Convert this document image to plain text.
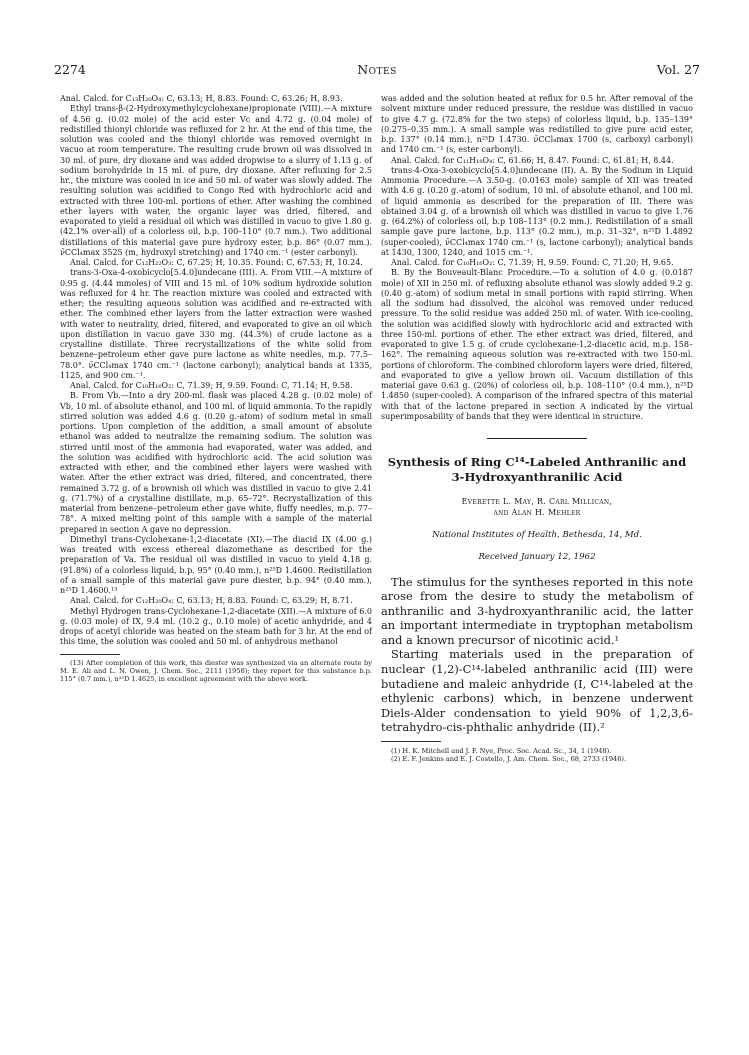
2274	Notes	Vol. 27

Anal. Calcd. for C₁₃H₂₀O₄: C, 63.13; H, 8.83. Found: C, 63.26; H, 8.93.

Ethyl trans-β-(2-Hydroxymethylcyclohexane)propionate (VIII).—A mixture of 4.56 g. (0.02 mole) of the acid ester Vc and 4.72 g. (0.04 mole) of redistilled thionyl chloride was refluxed for 2 hr. At the end of this time, the solution was cooled and the thionyl chloride was removed overnight in vacuo at room temperature. The resulting crude brown oil was dissolved in 30 ml. of pure, dry dioxane and was added dropwise to a slurry of 1.13 g. of sodium borohydride in 15 ml. of pure, dry dioxane. After refluxing for 2.5 hr., the mixture was cooled in ice and 50 ml. of water was slowly added. The resulting solution was acidified to Congo Red with hydrochloric acid and extracted with three 100-ml. portions of ether. After washing the combined ether layers with water, the organic layer was dried, filtered, and evaporated to yield a residual oil which was distilled in vacuo to give 1.80 g. (42.1% over-all) of a colorless oil, b.p. 100–110° (0.7 mm.). Two additional distillations of this material gave pure hydroxy ester, b.p. 86° (0.07 mm.). ν̄CCl₄max 3525 (m, hydroxyl stretching) and 1740 cm.⁻¹ (ester carbonyl).

Anal. Calcd. for C₁₂H₂₂O₃: C, 67.25; H, 10.35. Found: C, 67.53; H, 10.24.

trans-3-Oxa-4-oxobicyclo[5.4.0]undecane (III). A. From VIII.—A mixture of 0.95 g. (4.44 mmoles) of VIII and 15 ml. of 10% sodium hydroxide solution was refluxed for 4 hr. The reaction mixture was cooled and extracted with ether; the resulting aqueous solution was acidified and re-extracted with ether. The combined ether layers from the latter extraction were washed with water to neutrality, dried, filtered, and evaporated to give an oil which upon distillation in vacuo gave 330 mg. (44.3%) of crude lactone as a crystalline distillate. Three recrystallizations of the white solid from benzene–petroleum ether gave pure lactone as white needles, m.p. 77.5–78.0°. ν̄CCl₄max 1740 cm.⁻¹ (lactone carbonyl); analytical bands at 1335, 1125, and 900 cm.⁻¹.

Anal. Calcd. for C₁₀H₁₆O₂: C, 71.39; H, 9.59. Found: C, 71.14; H, 9.58.

B. From Vb.—Into a dry 200-ml. flask was placed 4.28 g. (0.02 mole) of Vb, 10 ml. of absolute ethanol, and 100 ml. of liquid ammonia. To the rapidly stirred solution was added 4.6 g. (0.20 g.-atom) of sodium metal in small portions. Upon completion of the addition, a small amount of absolute ethanol was added to neutralize the remaining sodium. The solution was stirred until most of the ammonia had evaporated, water was added, and the solution was acidified with hydrochloric acid. The acid solution was extracted with ether, and the combined ether layers were washed with water. After the ether extract was dried, filtered, and concentrated, there remained 3.72 g. of a brownish oil which was distilled in vacuo to give 2.41 g. (71.7%) of a crystalline distillate, m.p. 65–72°. Recrystallization of this material from benzene–petroleum ether gave white, fluffy needles, m.p. 77–78°. A mixed melting point of this sample with a sample of the material prepared in section A gave no depression.

Dimethyl trans-Cyclohexane-1,2-diacetate (XI).—The diacid IX (4.00 g.) was treated with excess ethereal diazomethane as described for the preparation of Va. The residual oil was distilled in vacuo to yield 4.18 g. (91.8%) of a colorless liquid, b.p. 95° (0.40 mm.), n²⁵D 1.4600. Redistillation of a small sample of this material gave pure diester, b.p. 94° (0.40 mm.), n²⁵D 1.4600.¹³

Anal. Calcd. for C₁₂H₂₀O₄: C, 63.13; H, 8.83. Found: C, 63.29; H, 8.71.

Methyl Hydrogen trans-Cyclohexane-1,2-diacetate (XII).—A mixture of 6.0 g. (0.03 mole) of IX, 9.4 ml. (10.2 g., 0.10 mole) of acetic anhydride, and 4 drops of acetyl chloride was heated on the steam bath for 3 hr. At the end of this time, the solution was cooled and 50 ml. of anhydrous methanol

(13) After completion of this work, this diester was synthesized via an alternate route by M. E. Ali and L. N. Owen, J. Chem. Soc., 2111 (1958); they report for this substance b.p. 115° (0.7 mm.), n²⁵D 1.4625, in excellent agreement with the above work.

was added and the solution heated at reflux for 0.5 hr. After removal of the solvent mixture under reduced pressure, the residue was distilled in vacuo to give 4.7 g. (72.8% for the two steps) of colorless liquid, b.p. 135–139° (0.275–0.35 mm.). A small sample was redistilled to give pure acid ester, b.p. 137° (0.14 mm.), n²⁵D 1.4730. ν̄CCl₄max 1700 (s, carboxyl carbonyl) and 1740 cm.⁻¹ (s, ester carbonyl).

Anal. Calcd. for C₁₁H₁₈O₄: C, 61.66; H, 8.47. Found: C, 61.81; H, 8.44.

trans-4-Oxa-3-oxobicyclo[5.4.0]undecane (II). A. By the Sodium in Liquid Ammonia Procedure.—A 3.50-g. (0.0163 mole) sample of XII was treated with 4.6 g. (0.20 g.-atom) of sodium, 10 ml. of absolute ethanol, and 100 ml. of liquid ammonia as described for the preparation of III. There was obtained 3.04 g. of a brownish oil which was distilled in vacuo to give 1.76 g. (64.2%) of colorless oil, b.p 108–113° (0.2 mm.). Redistillation of a small sample gave pure lactone, b.p. 113° (0.2 mm.), m.p. 31–32°, n²⁵D 1.4892 (super-cooled), ν̄CCl₄max 1740 cm.⁻¹ (s, lactone carbonyl); analytical bands at 1430, 1300, 1240, and 1015 cm.⁻¹.

Anal. Calcd. for C₁₀H₁₆O₂: C, 71.39; H, 9.59. Found: C, 71.20; H, 9.65.

B. By the Bouveault-Blanc Procedure.—To a solution of 4.0 g. (0.0187 mole) of XII in 250 ml. of refluxing absolute ethanol was slowly added 9.2 g. (0.40 g.-atom) of sodium metal in small portions with rapid stirring. When all the sodium had dissolved, the alcohol was removed under reduced pressure. To the solid residue was added 250 ml. of water. With ice-cooling, the solution was acidified slowly with hydrochloric acid and extracted with three 150-ml. portions of ether. The ether extract was dried, filtered, and evaporated to give 1.5 g. of crude cyclohexane-1,2-diacetic acid, m.p. 158–162°. The remaining aqueous solution was re-extracted with two 150-ml. portions of chloroform. The combined chloroform layers were dried, filtered, and evaporated to give a yellow brown oil. Vacuum distillation of this material gave 0.63 g. (20%) of colorless oil, b.p. 108–110° (0.4 mm.), n²⁵D 1.4850 (super-cooled). A comparison of the infrared spectra of this material with that of the lactone prepared in section A indicated by the virtual superimposability of bands that they were identical in structure.

Synthesis of Ring C¹⁴-Labeled Anthranilic and 3-Hydroxyanthranilic Acid
Everette L. May, R. Carl Millican,
and Alan H. Mehler
National Institutes of Health, Bethesda, 14, Md.
Received January 12, 1962

The stimulus for the syntheses reported in this note arose from the desire to study the metabolism of anthranilic and 3-hydroxyanthranilic acid, the latter an important intermediate in tryptophan metabolism and a known precursor of nicotinic acid.¹

Starting materials used in the preparation of nuclear (1,2)-C¹⁴-labeled anthranilic acid (III) were butadiene and maleic anhydride (I, C¹⁴-labeled at the ethylenic carbons) which, in benzene underwent Diels-Alder condensation to yield 90% of 1,2,3,6-tetrahydro-cis-phthalic anhydride (II).²

(1) H. K. Mitchell and J. F. Nye, Proc. Soc. Acad. Sc., 34, 1 (1948).

(2) E. F. Jenkins and E. J. Costello, J. Am. Chem. Soc., 68, 2733 (1946).
